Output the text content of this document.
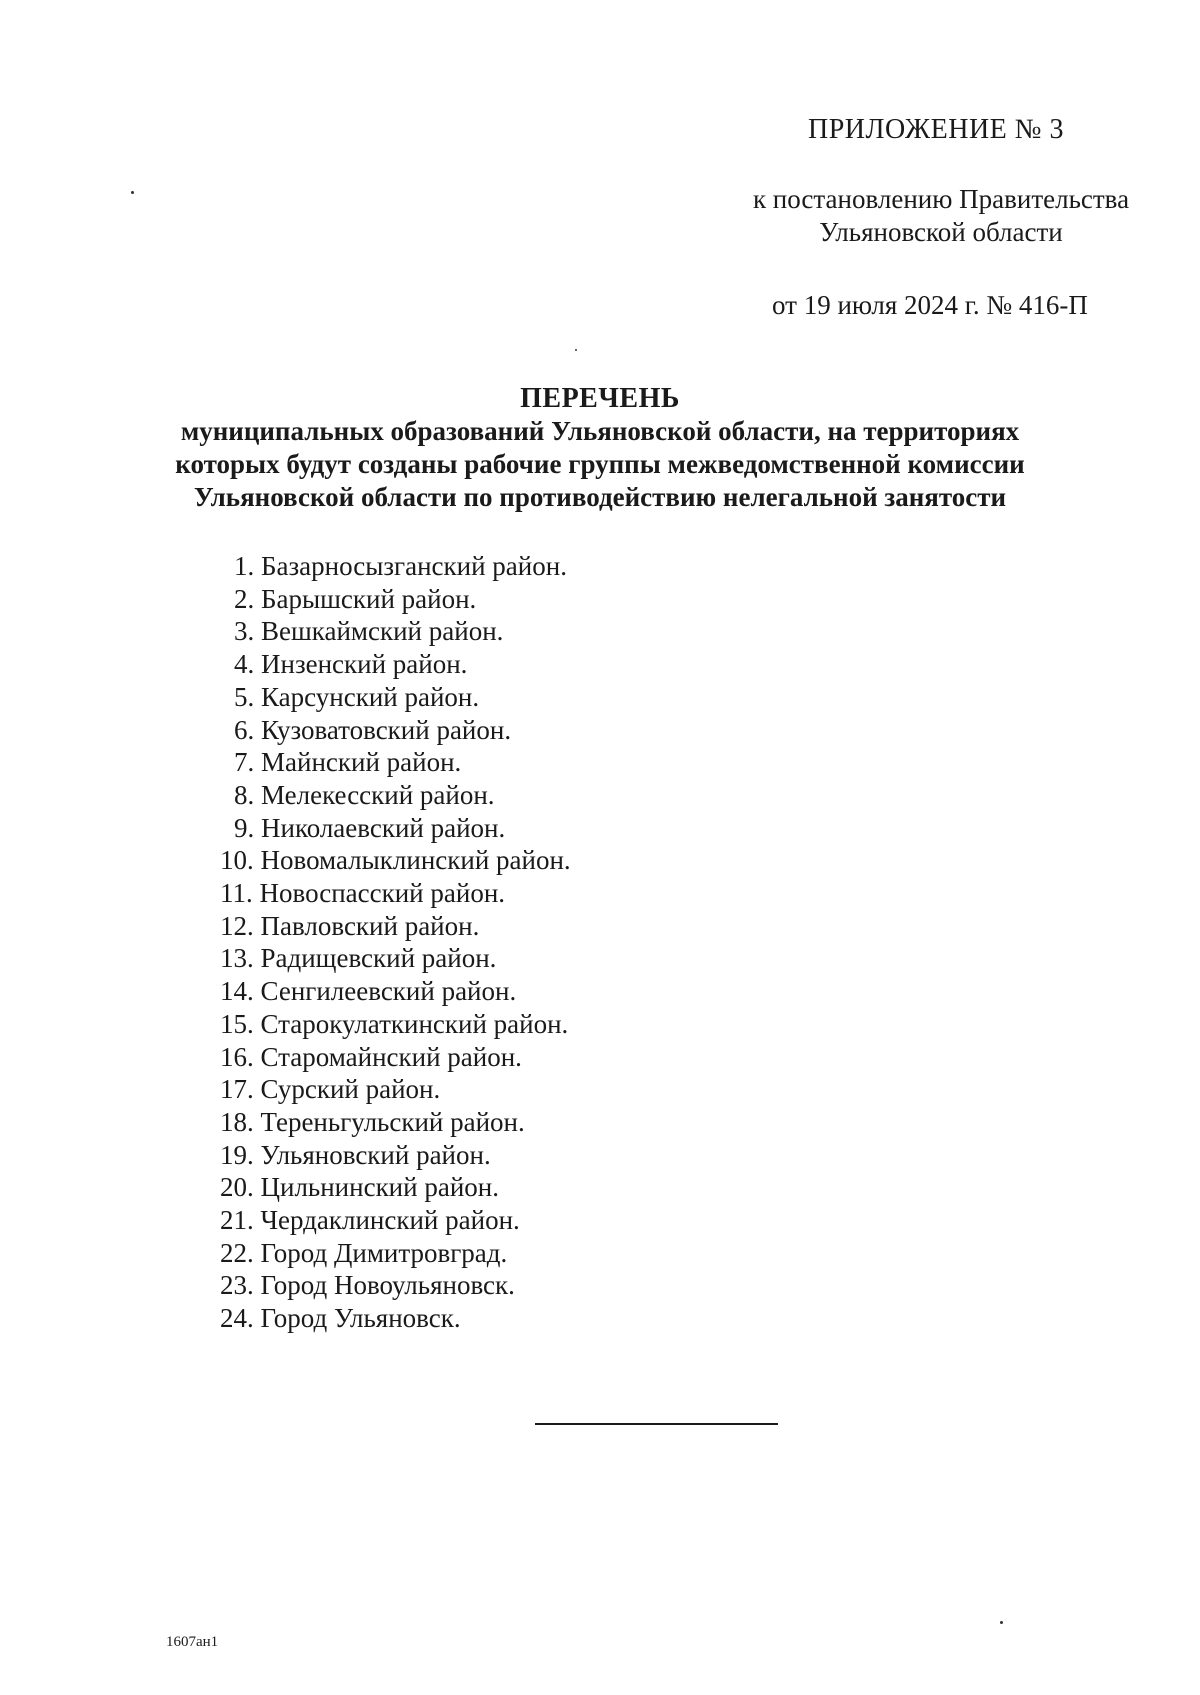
ПРИЛОЖЕНИЕ № 3
к постановлению Правительства
Ульяновской области
от 19 июля 2024 г. № 416-П
ПЕРЕЧЕНЬ
муниципальных образований Ульяновской области, на территориях
которых будут созданы рабочие группы межведомственной комиссии
Ульяновской области по противодействию нелегальной занятости
1. Базарносызганский район.
2. Барышский район.
3. Вешкаймский район.
4. Инзенский район.
5. Карсунский район.
6. Кузоватовский район.
7. Майнский район.
8. Мелекесский район.
9. Николаевский район.
10. Новомалыклинский район.
11. Новоспасский район.
12. Павловский район.
13. Радищевский район.
14. Сенгилеевский район.
15. Старокулаткинский район.
16. Старомайнский район.
17. Сурский район.
18. Тереньгульский район.
19. Ульяновский район.
20. Цильнинский район.
21. Чердаклинский район.
22. Город Димитровград.
23. Город Новоульяновск.
24. Город Ульяновск.
1607ан1
